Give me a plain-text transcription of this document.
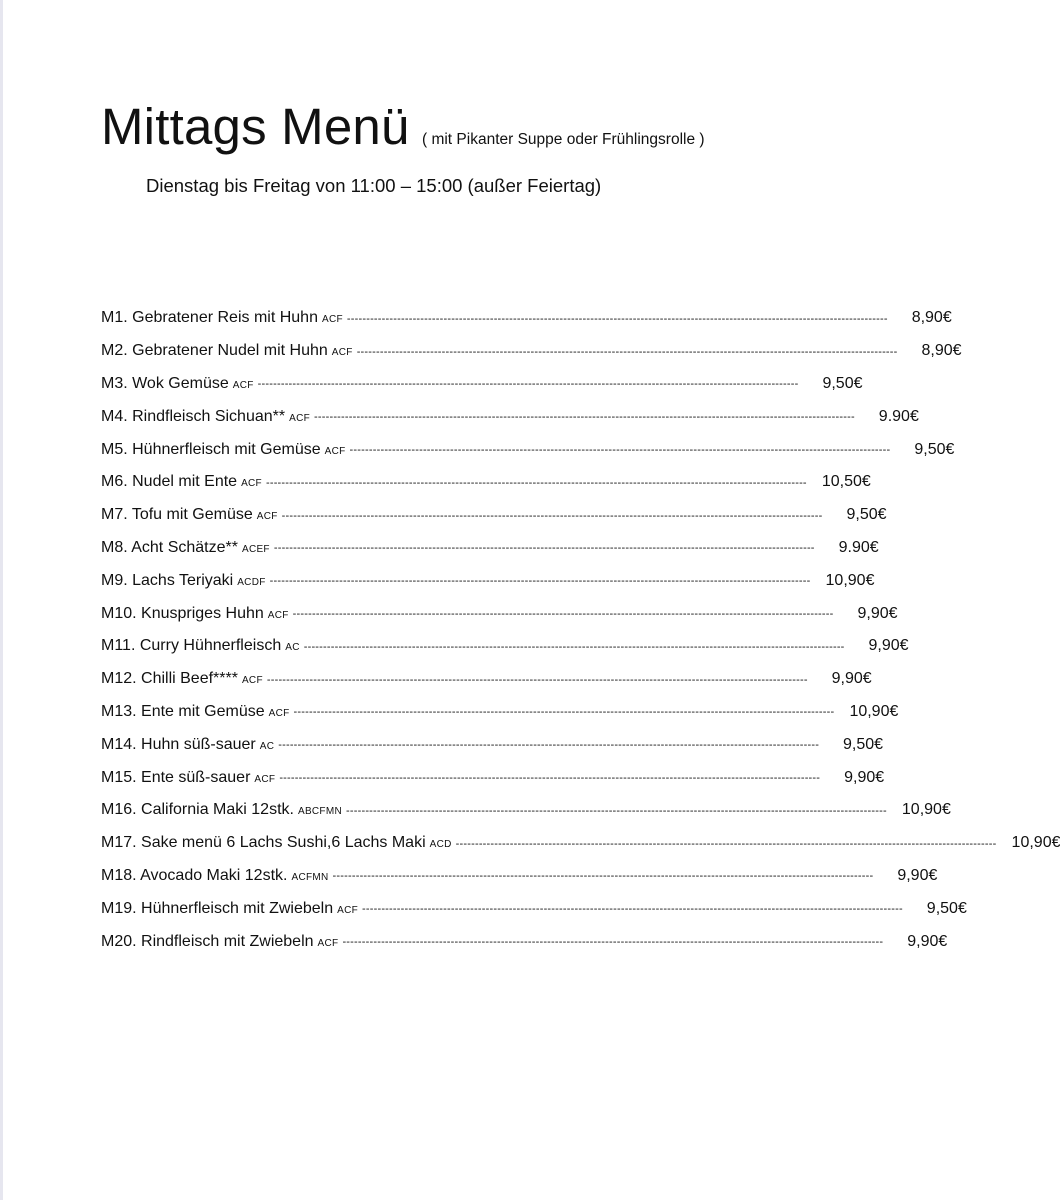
Mittags Menü ( mit Pikanter Suppe oder Frühlingsrolle )
Dienstag bis Freitag von 11:00 – 15:00 (außer Feiertag)
M1. Gebratener Reis mit Huhn ACF --------------------------------------------------------------------------------------------------------------------------------------------	8,90€
M2. Gebratener Nudel mit Huhn ACF --------------------------------------------------------------------------------------------------------------------------------------------	8,90€
M3. Wok Gemüse ACF --------------------------------------------------------------------------------------------------------------------------------------------	9,50€
M4. Rindfleisch Sichuan** ACF --------------------------------------------------------------------------------------------------------------------------------------------	9.90€
M5. Hühnerfleisch mit Gemüse ACF --------------------------------------------------------------------------------------------------------------------------------------------	9,50€
M6. Nudel mit Ente ACF -------------------------------------------------------------------------------------------------------------------------------------------- 10,50€
M7. Tofu mit Gemüse ACF --------------------------------------------------------------------------------------------------------------------------------------------	9,50€
M8. Acht Schätze** ACEF --------------------------------------------------------------------------------------------------------------------------------------------	9.90€
M9. Lachs Teriyaki ACDF -------------------------------------------------------------------------------------------------------------------------------------------- 10,90€
M10. Knuspriges Huhn ACF --------------------------------------------------------------------------------------------------------------------------------------------	9,90€
M11. Curry Hühnerfleisch AC --------------------------------------------------------------------------------------------------------------------------------------------	9,90€
M12. Chilli Beef**** ACF --------------------------------------------------------------------------------------------------------------------------------------------	9,90€
M13. Ente mit Gemüse ACF -------------------------------------------------------------------------------------------------------------------------------------------- 10,90€
M14. Huhn süß-sauer AC --------------------------------------------------------------------------------------------------------------------------------------------	9,50€
M15. Ente süß-sauer ACF --------------------------------------------------------------------------------------------------------------------------------------------	9,90€
M16. California Maki 12stk. ABCFMN -------------------------------------------------------------------------------------------------------------------------------------------- 10,90€
M17. Sake menü 6 Lachs Sushi,6 Lachs Maki ACD -------------------------------------------------------------------------------------------------------------------------------------------- 10,90€
M18. Avocado Maki 12stk. ACFMN --------------------------------------------------------------------------------------------------------------------------------------------	9,90€
M19. Hühnerfleisch mit Zwiebeln ACF --------------------------------------------------------------------------------------------------------------------------------------------	9,50€
M20. Rindfleisch mit Zwiebeln ACF --------------------------------------------------------------------------------------------------------------------------------------------	9,90€
